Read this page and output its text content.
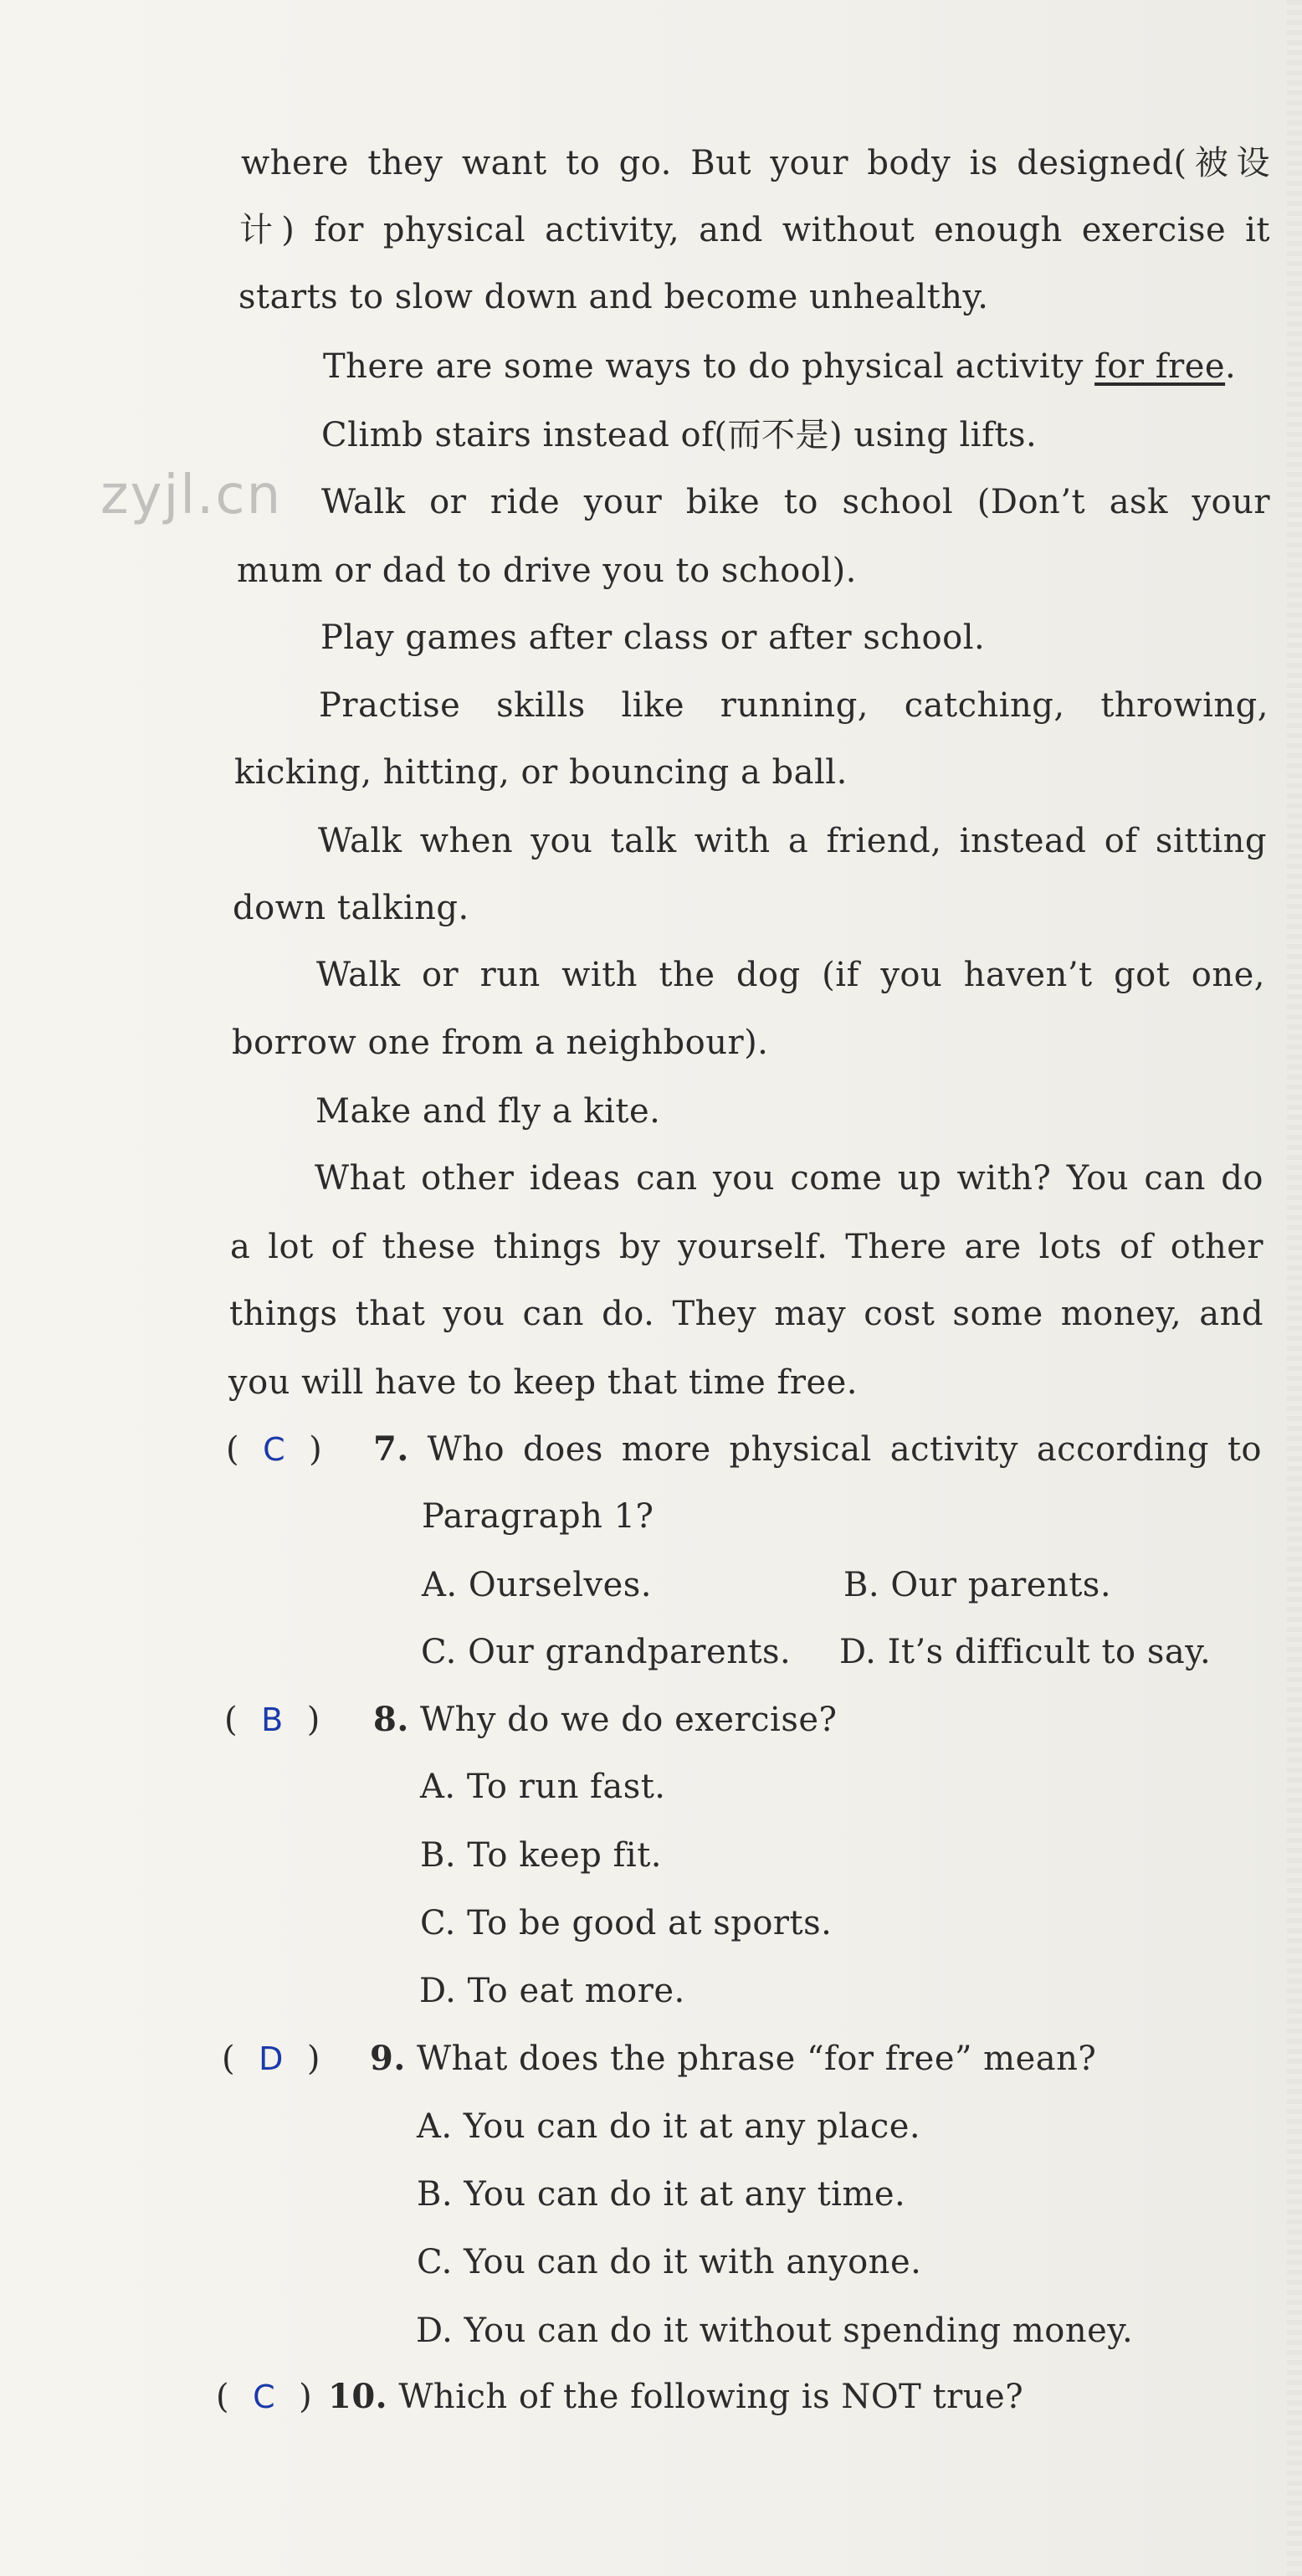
zyjl.cn
where they want to go. But your body is designed(被设
计) for physical activity, and without enough exercise it
starts to slow down and become unhealthy.
There are some ways to do physical activity for free.
Climb stairs instead of(而不是) using lifts.
Walk or ride your bike to school (Don’t ask your
mum or dad to drive you to school).
Play games after class or after school.
Practise skills like running, catching, throwing,
kicking, hitting, or bouncing a ball.
Walk when you talk with a friend, instead of sitting
down talking.
Walk or run with the dog (if you haven’t got one,
borrow one from a neighbour).
Make and fly a kite.
What other ideas can you come up with? You can do
a lot of these things by yourself. There are lots of other
things that you can do. They may cost some money, and
you will have to keep that time free.
( C ) 7. Who does more physical activity according to
Paragraph 1?
A. Ourselves.	B. Our parents.
C. Our grandparents. D. It’s difficult to say.
( B ) 8. Why do we do exercise?
A. To run fast.
B. To keep fit.
C. To be good at sports.
D. To eat more.
( D ) 9. What does the phrase “for free” mean?
A. You can do it at any place.
B. You can do it at any time.
C. You can do it with anyone.
D. You can do it without spending money.
( C ) 10. Which of the following is NOT true?
